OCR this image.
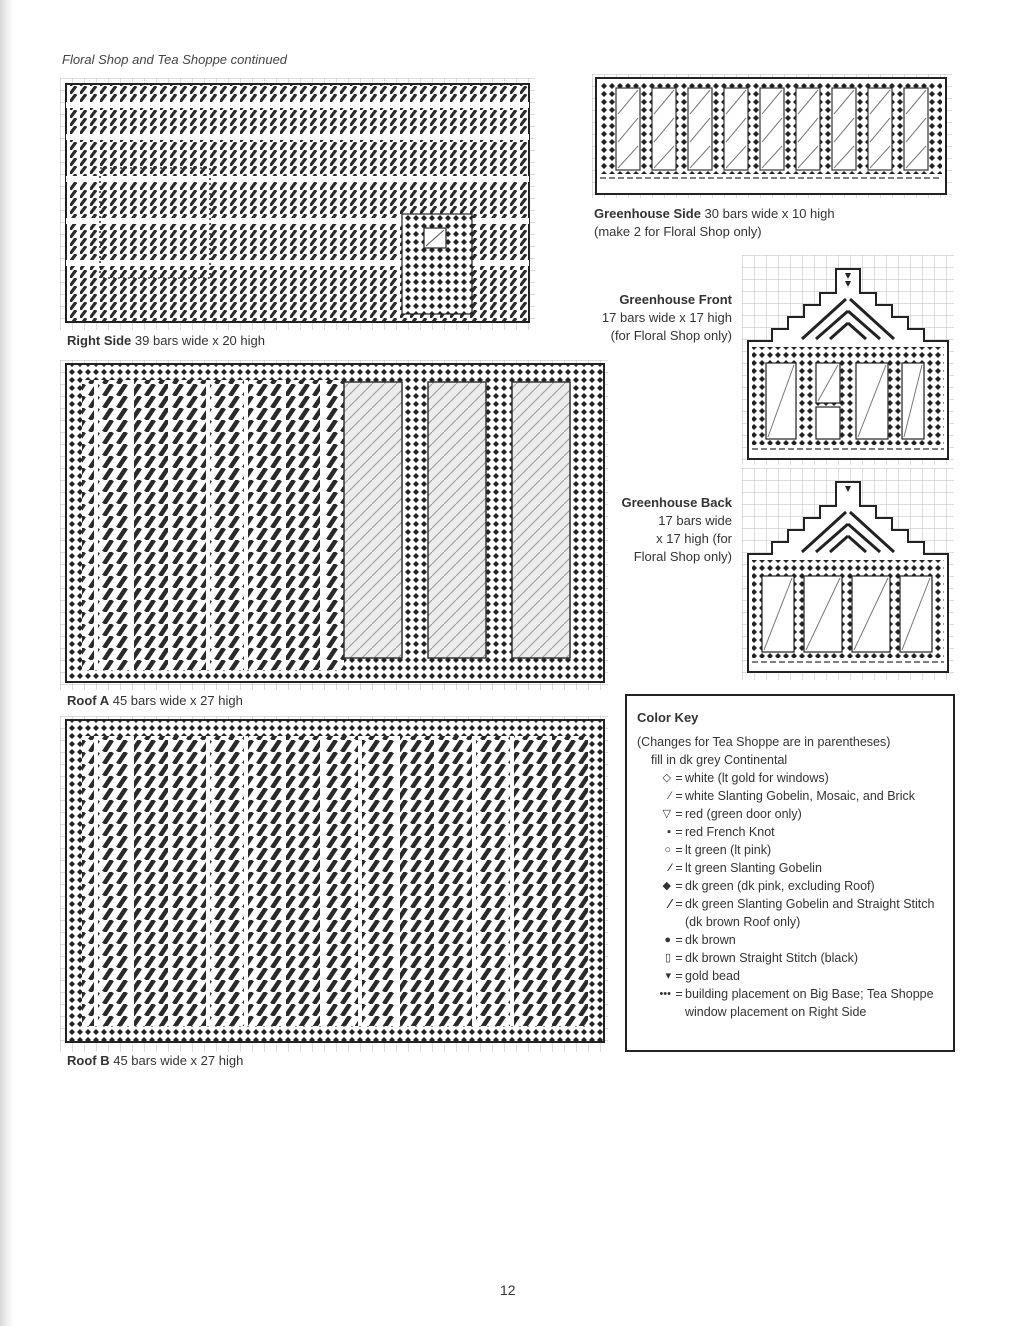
Floral Shop and Tea Shoppe continued
Right Side 39 bars wide x 20 high
Greenhouse Side 30 bars wide x 10 high
(make 2 for Floral Shop only)
Greenhouse Front
17 bars wide x 17 high
(for Floral Shop only)
Roof A 45 bars wide x 27 high
Greenhouse Back
17 bars wide
x 17 high (for
Floral Shop only)
Roof B 45 bars wide x 27 high
Color Key
(Changes for Tea Shoppe are in parentheses)
fill in dk grey Continental
◇ = white (lt gold for windows)
⁄ = white Slanting Gobelin, Mosaic, and Brick
▽ = red (green door only)
▪ = red French Knot
○ = lt green (lt pink)
⁄ = lt green Slanting Gobelin
◆ = dk green (dk pink, excluding Roof)
⁄ = dk green Slanting Gobelin and Straight Stitch
(dk brown Roof only)
● = dk brown
▯ = dk brown Straight Stitch (black)
▾ = gold bead
••• = building placement on Big Base; Tea Shoppe
window placement on Right Side
12
